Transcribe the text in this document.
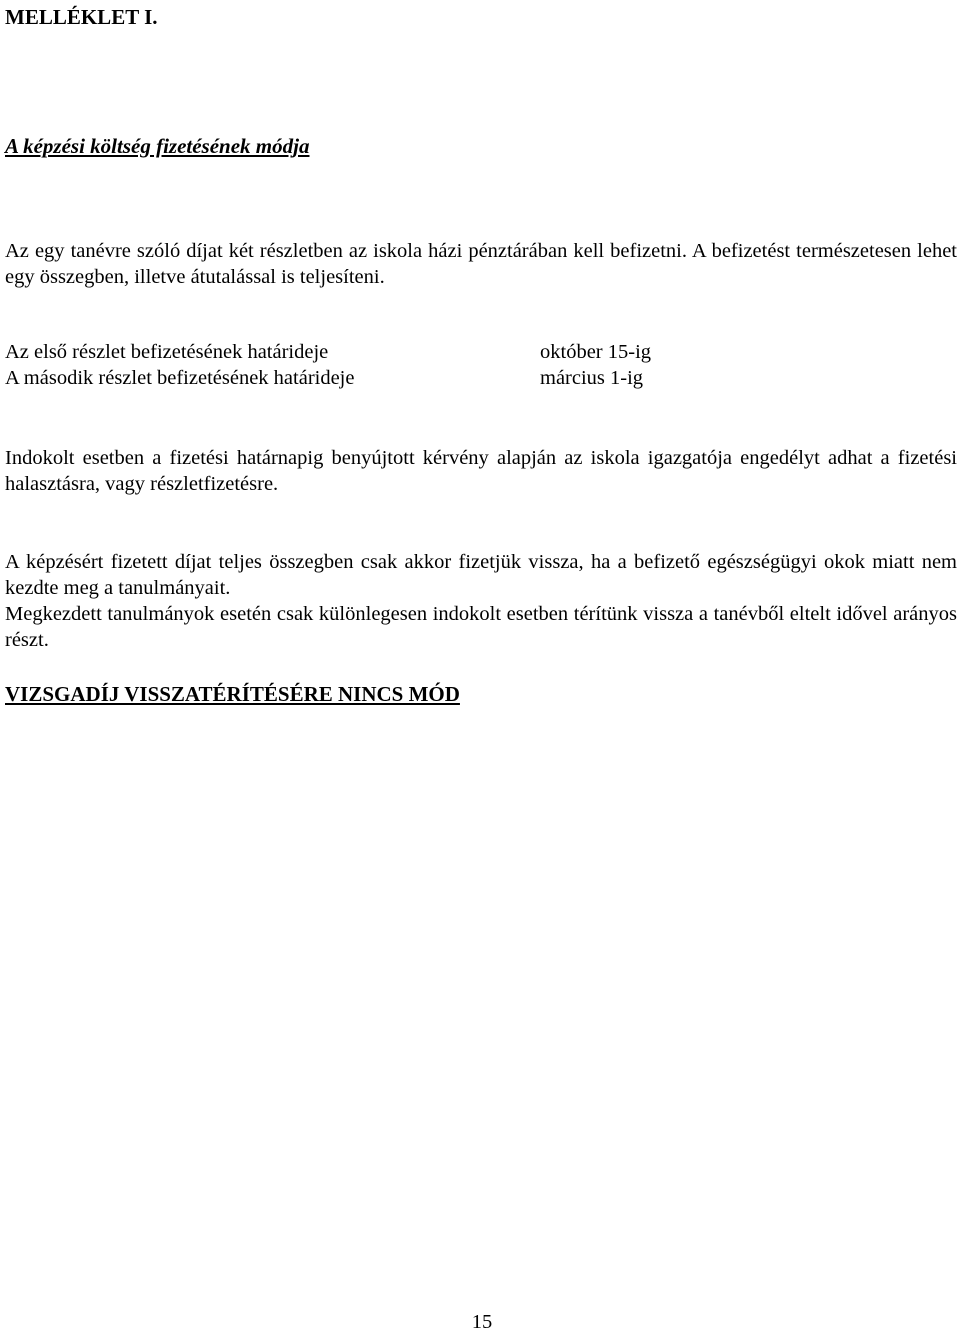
MELLÉKLET I.

A képzési költség fizetésének módja

Az egy tanévre szóló díjat két részletben az iskola házi pénztárában kell befizetni. A befizetést természetesen lehet egy összegben, illetve átutalással is teljesíteni.

Az első részlet befizetésének határideje	október 15-ig
A második részlet befizetésének határideje	március 1-ig

Indokolt esetben a fizetési határnapig benyújtott kérvény alapján az iskola igazgatója engedélyt adhat a fizetési halasztásra, vagy részletfizetésre.

A képzésért fizetett díjat teljes összegben csak akkor fizetjük vissza, ha a befizető egészségügyi okok miatt nem kezdte meg a tanulmányait.

Megkezdett tanulmányok esetén csak különlegesen indokolt esetben térítünk vissza a tanévből eltelt idővel arányos részt.

VIZSGADÍJ VISSZATÉRÍTÉSÉRE NINCS MÓD

15
